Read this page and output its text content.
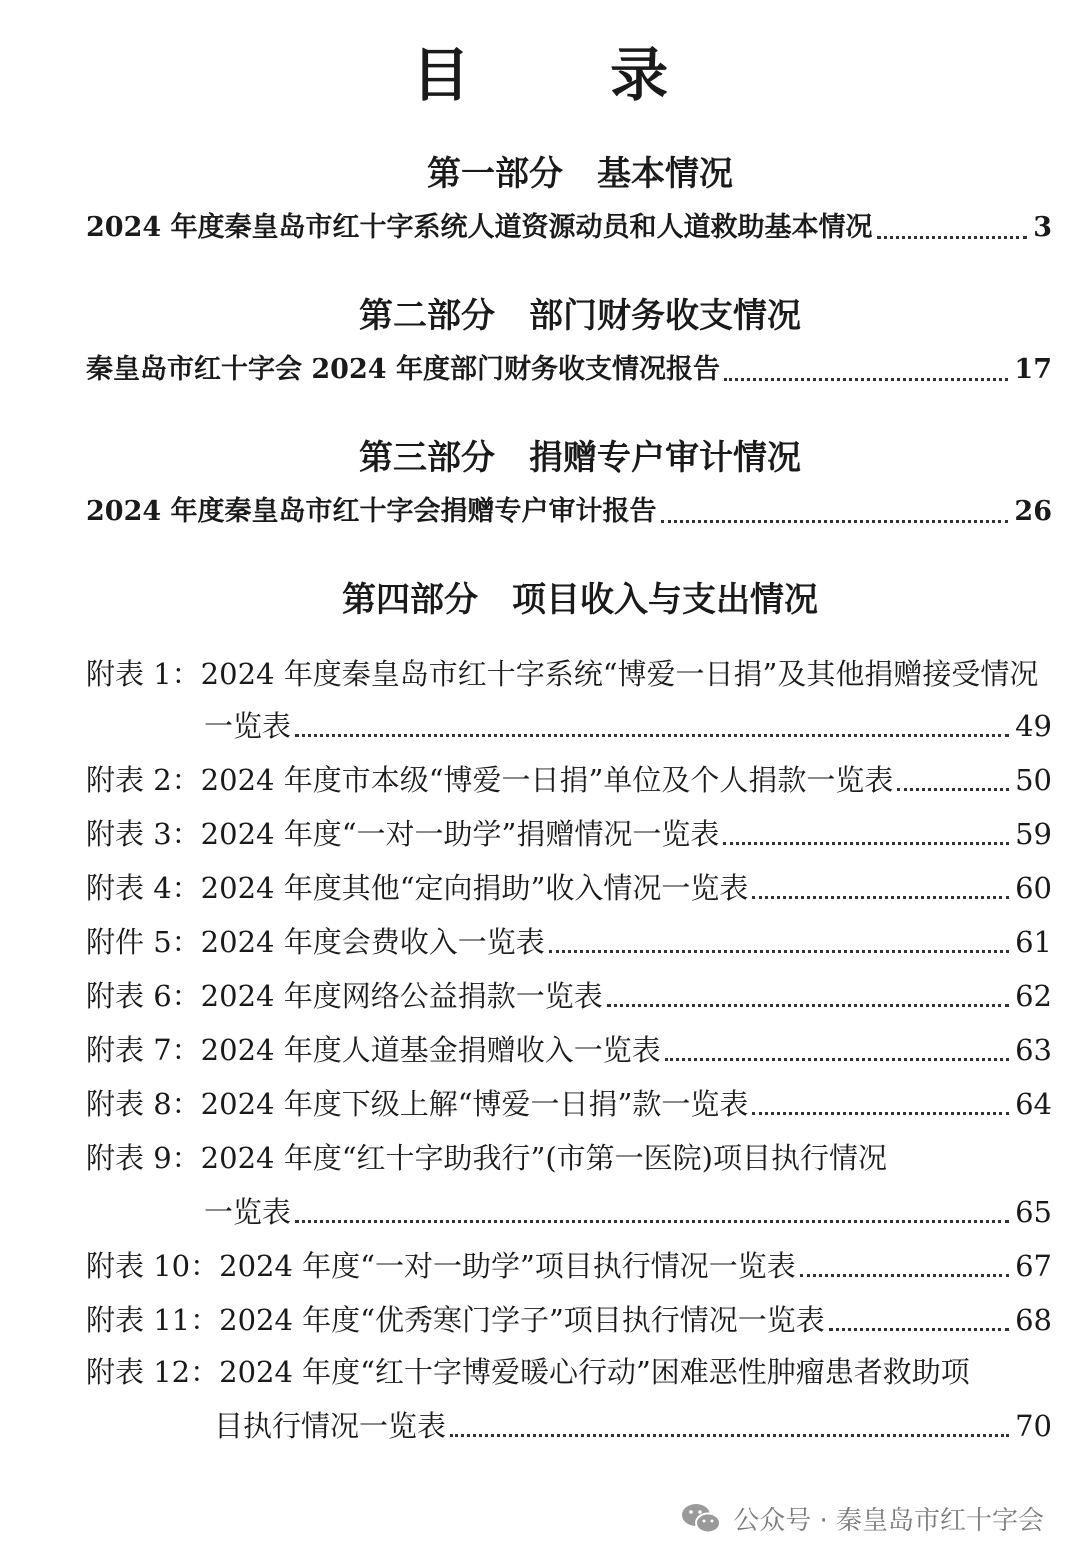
目 录
第一部分　基本情况
2024 年度秦皇岛市红十字系统人道资源动员和人道救助基本情况	3
第二部分　部门财务收支情况
秦皇岛市红十字会 2024 年度部门财务收支情况报告	17
第三部分　捐赠专户审计情况
2024 年度秦皇岛市红十字会捐赠专户审计报告	26
第四部分　项目收入与支出情况
附表 1：2024 年度秦皇岛市红十字系统“博爱一日捐”及其他捐赠接受情况
一览表	49
附表 2：2024 年度市本级“博爱一日捐”单位及个人捐款一览表	50
附表 3：2024 年度“一对一助学”捐赠情况一览表	59
附表 4：2024 年度其他“定向捐助”收入情况一览表	60
附件 5：2024 年度会费收入一览表	61
附表 6：2024 年度网络公益捐款一览表	62
附表 7：2024 年度人道基金捐赠收入一览表	63
附表 8：2024 年度下级上解“博爱一日捐”款一览表	64
附表 9：2024 年度“红十字助我行”(市第一医院)项目执行情况
一览表	65
附表 10：2024 年度“一对一助学”项目执行情况一览表	67
附表 11：2024 年度“优秀寒门学子”项目执行情况一览表	68
附表 12：2024 年度“红十字博爱暖心行动”困难恶性肿瘤患者救助项
目执行情况一览表	70
公众号 · 秦皇岛市红十字会
